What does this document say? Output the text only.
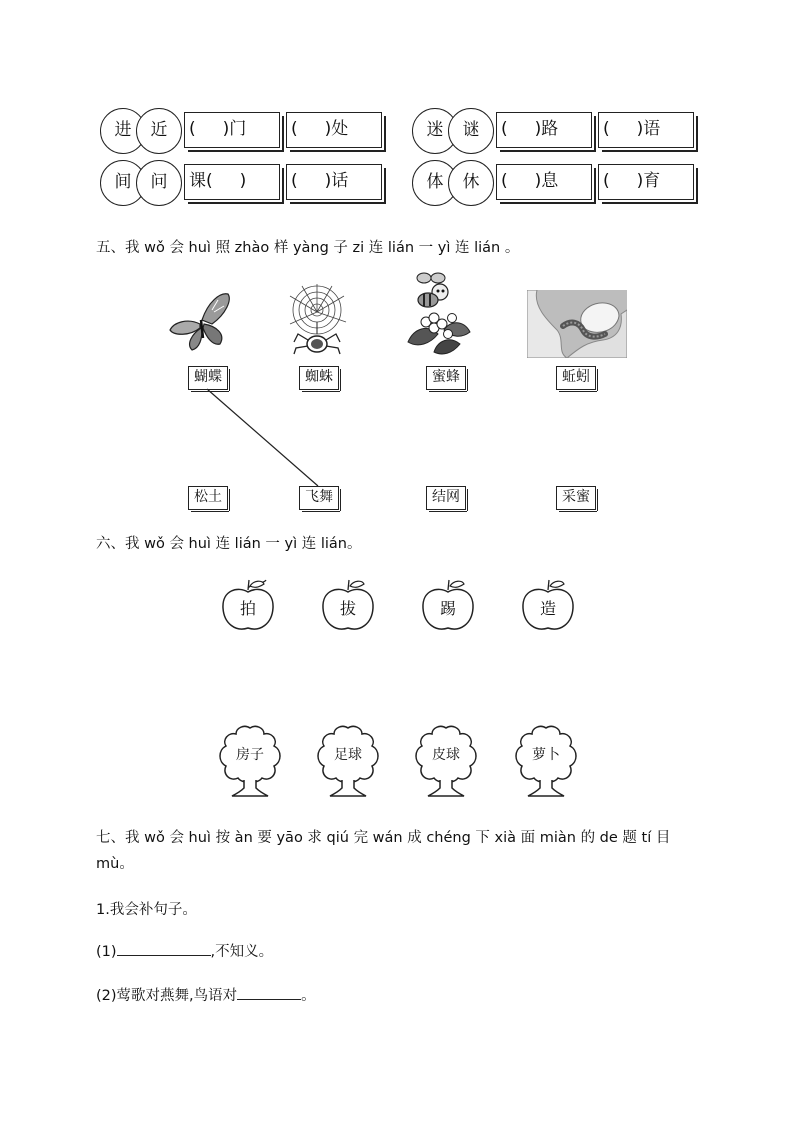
进	近	(     )门	(     )处	迷	谜	(     )路	(     )语
间	问	课(     )	(     )话	体	休	(     )息	(     )育
五、我 wǒ 会 huì 照 zhào 样 yàng 子 zi 连 lián 一 yì 连 lián 。
蝴蝶	蜘蛛	蜜蜂	蚯蚓
松土	飞舞	结网	采蜜
六、我 wǒ 会 huì 连 lián 一 yì 连 lián。
拍	拔	踢	造
房子	足球	皮球	萝卜
七、我 wǒ 会 huì 按 àn 要 yāo 求 qiú 完 wán 成 chéng 下 xià 面 miàn 的 de 题 tí 目
mù。
1.我会补句子。
(1)	,不知义。
(2)莺歌对燕舞,鸟语对	。
